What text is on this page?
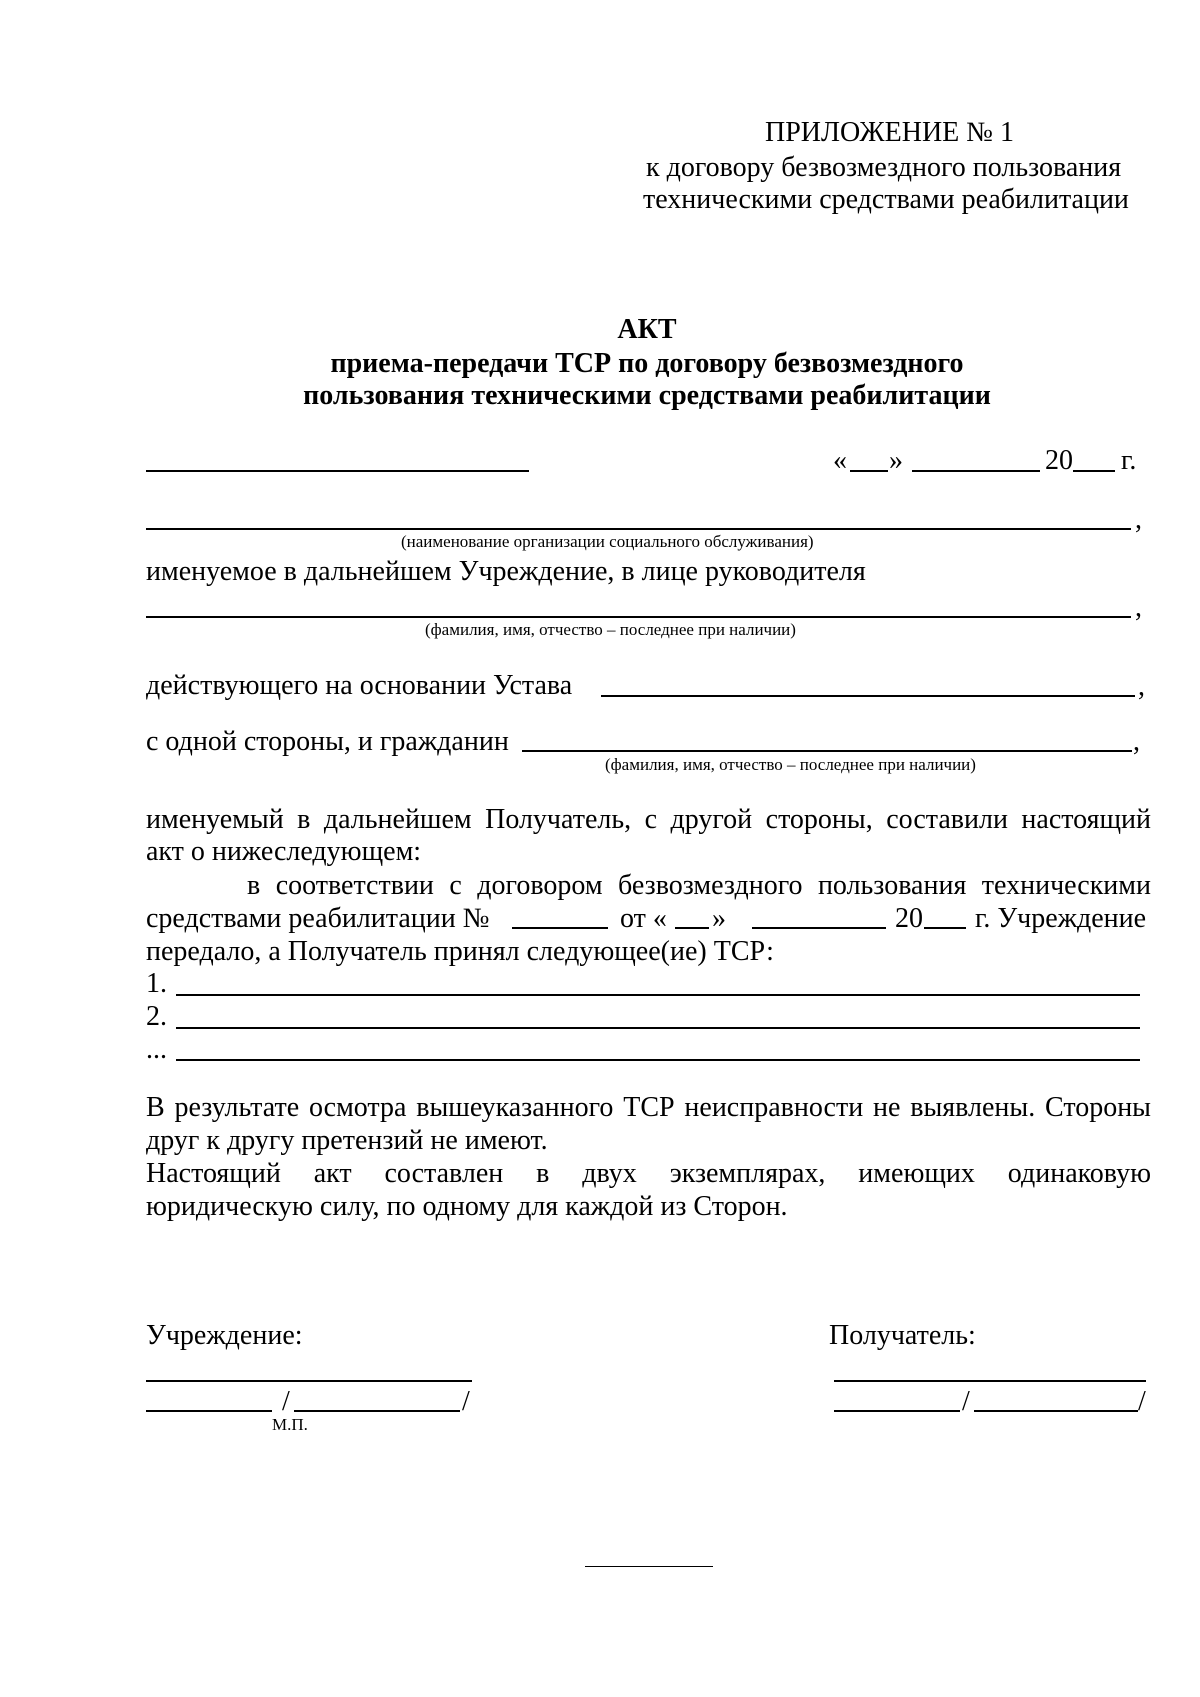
ПРИЛОЖЕНИЕ № 1
к договору безвозмездного пользования
техническими средствами реабилитации
АКТ
приема-передачи ТСР по договору безвозмездного
пользования техническими средствами реабилитации
« »	20 г.
,
(наименование организации социального обслуживания)
именуемое в дальнейшем Учреждение, в лице руководителя
,
(фамилия, имя, отчество – последнее при наличии)
действующего на основании Устава	,
с одной стороны, и гражданин	,
(фамилия, имя, отчество – последнее при наличии)
именуемый в дальнейшем Получатель, с другой стороны, составили настоящий
акт о нижеследующем:
в соответствии с договором безвозмездного пользования техническими
средствами реабилитации №	от « »	20 г. Учреждение
передало, а Получатель принял следующее(ие) ТСР:
1.
2.
...
В результате осмотра вышеуказанного ТСР неисправности не выявлены. Стороны
друг к другу претензий не имеют.
Настоящий акт составлен в двух экземплярах, имеющих одинаковую
юридическую силу, по одному для каждой из Сторон.
Учреждение:	Получатель:
/	/
М.П.
/	/
